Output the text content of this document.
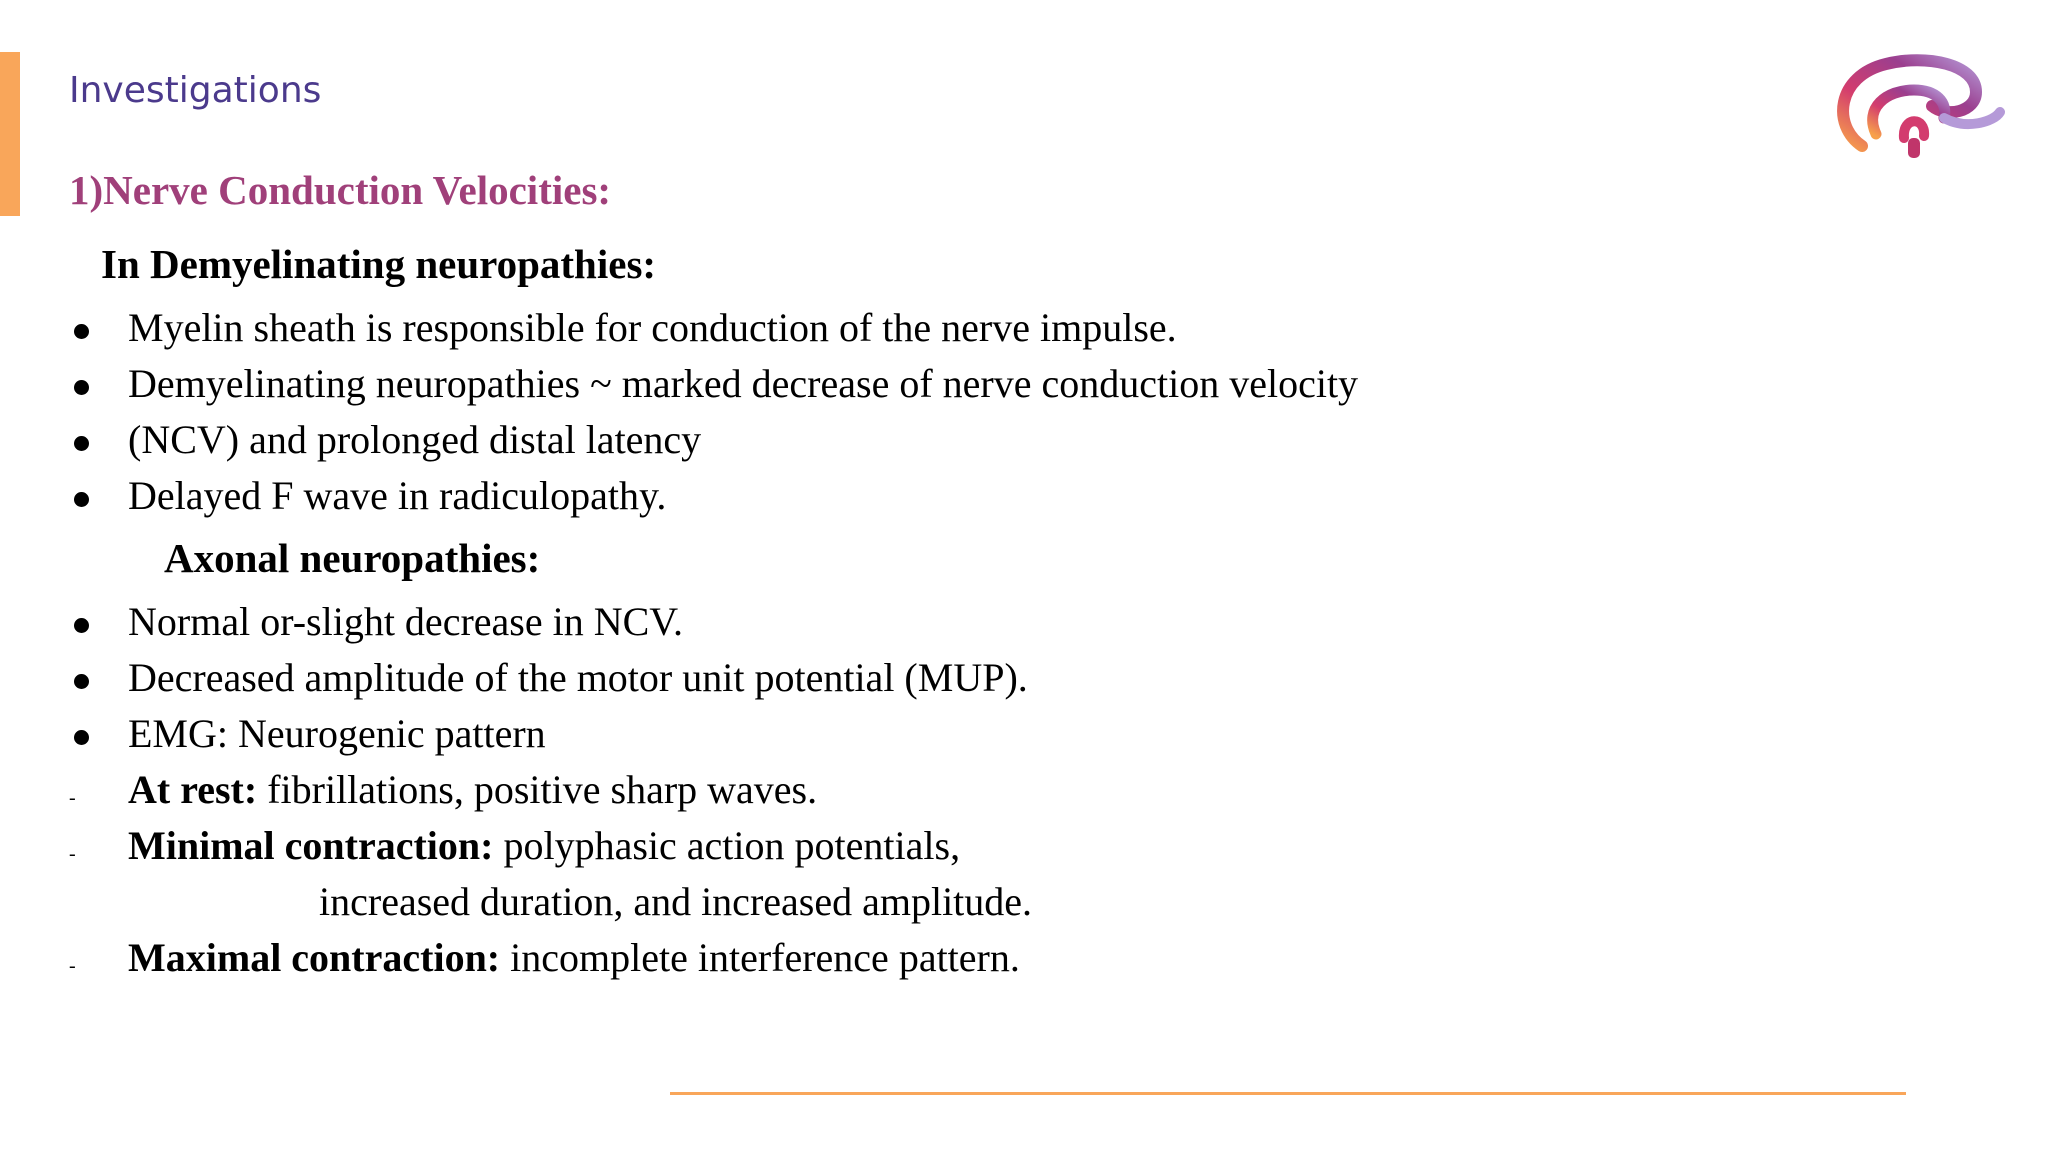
Investigations
1)Nerve Conduction Velocities:
In Demyelinating neuropathies:
Myelin sheath is responsible for conduction of the nerve impulse.
Demyelinating neuropathies ~ marked decrease of nerve conduction velocity
(NCV) and prolonged distal latency
Delayed F wave in radiculopathy.
Axonal neuropathies:
Normal or-slight decrease in NCV.
Decreased amplitude of the motor unit potential (MUP).
EMG: Neurogenic pattern
- At rest: fibrillations, positive sharp waves.
- Minimal contraction: polyphasic action potentials,
increased duration, and increased amplitude.
- Maximal contraction: incomplete interference pattern.
